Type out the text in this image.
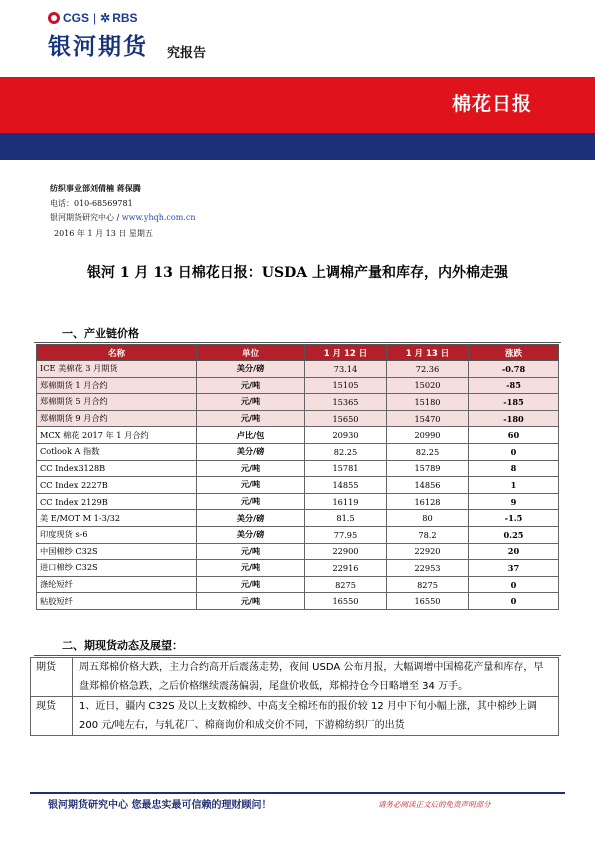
CGS | ✲ RBS
银河期货 究报告
棉花日报
纺织事业部刘倩楠 蒋保腾
电话：010-68569781
银河期货研究中心 / www.yhqh.com.cn
2016 年 1 月 13 日 星期五
银河 1 月 13 日棉花日报：USDA 上调棉产量和库存，内外棉走强
一、产业链价格
名称	单位	1 月 12 日	1 月 13 日	涨跌
ICE 美棉花 3 月期货	美分/磅	73.14	72.36	-0.78
郑棉期货 1 月合约	元/吨	15105	15020	-85
郑棉期货 5 月合约	元/吨	15365	15180	-185
郑棉期货 9 月合约	元/吨	15650	15470	-180
MCX 棉花 2017 年 1 月合约	卢比/包	20930	20990	60
Cotlook A 指数	美分/磅	82.25	82.25	0
CC Index3128B	元/吨	15781	15789	8
CC Index 2227B	元/吨	14855	14856	1
CC Index 2129B	元/吨	16119	16128	9
美 E/MOT M 1-3/32	美分/磅	81.5	80	-1.5
印度现货 s-6	美分/磅	77.95	78.2	0.25
中国棉纱 C32S	元/吨	22900	22920	20
进口棉纱 C32S	元/吨	22916	22953	37
涤纶短纤	元/吨	8275	8275	0
粘胶短纤	元/吨	16550	16550	0
二、期现货动态及展望：
期货	周五郑棉价格大跌，主力合约高开后震荡走势，夜间 USDA 公布月报，大幅调增中国棉花产量和库存，早盘郑棉价格急跌，之后价格继续震荡偏弱，尾盘价收低，郑棉持仓今日略增至 34 万手。
现货	1、近日，疆内 C32S 及以上支数棉纱、中高支全棉坯布的报价较 12 月中下旬小幅上涨，其中棉纱上调 200 元/吨左右，与轧花厂、棉商询价和成交价不同，下游棉纺织厂的出货
银河期货研究中心 您最忠实最可信赖的理财顾问！	请务必阅读正文后的免责声明部分
